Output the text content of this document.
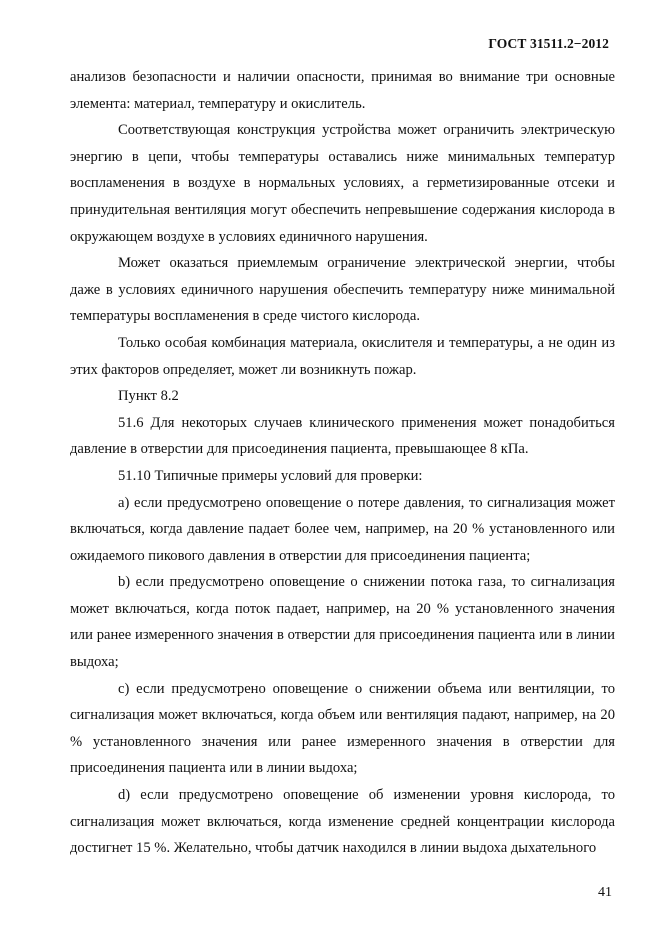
ГОСТ 31511.2−2012

анализов безопасности и наличии опасности, принимая во внимание три основные элемента: материал, температуру и окислитель.

Соответствующая конструкция устройства может ограничить электрическую энергию в цепи, чтобы температуры оставались ниже минимальных температур воспламенения в воздухе в нормальных условиях, а герметизированные отсеки и принудительная вентиляция могут обеспечить непревышение содержания кислорода в окружающем воздухе в условиях единичного нарушения.

Может оказаться приемлемым ограничение электрической энергии, чтобы даже в условиях единичного нарушения обеспечить температуру ниже минимальной температуры воспламенения в среде чистого кислорода.

Только особая комбинация материала, окислителя и температуры, а не один из этих факторов определяет, может ли возникнуть пожар.

Пункт 8.2

51.6 Для некоторых случаев клинического применения может понадобиться давление в отверстии для присоединения пациента, превышающее 8 кПа.

51.10 Типичные примеры условий для проверки:

a) если предусмотрено оповещение о потере давления, то сигнализация может включаться, когда давление падает более чем, например, на 20 % установленного или ожидаемого пикового давления в отверстии для присоединения пациента;

b) если предусмотрено оповещение о снижении потока газа, то сигнализация может включаться, когда поток падает, например, на 20 % установленного значения или ранее измеренного значения в отверстии для присоединения пациента или в линии выдоха;

c) если предусмотрено оповещение о снижении объема или вентиляции, то сигнализация может включаться, когда объем или вентиляция падают, например, на 20 % установленного значения или ранее измеренного значения в отверстии для присоединения пациента или в линии выдоха;

d) если предусмотрено оповещение об изменении уровня кислорода, то сигнализация может включаться, когда изменение средней концентрации кислорода достигнет 15 %. Желательно, чтобы датчик находился в линии выдоха дыхательного

41
